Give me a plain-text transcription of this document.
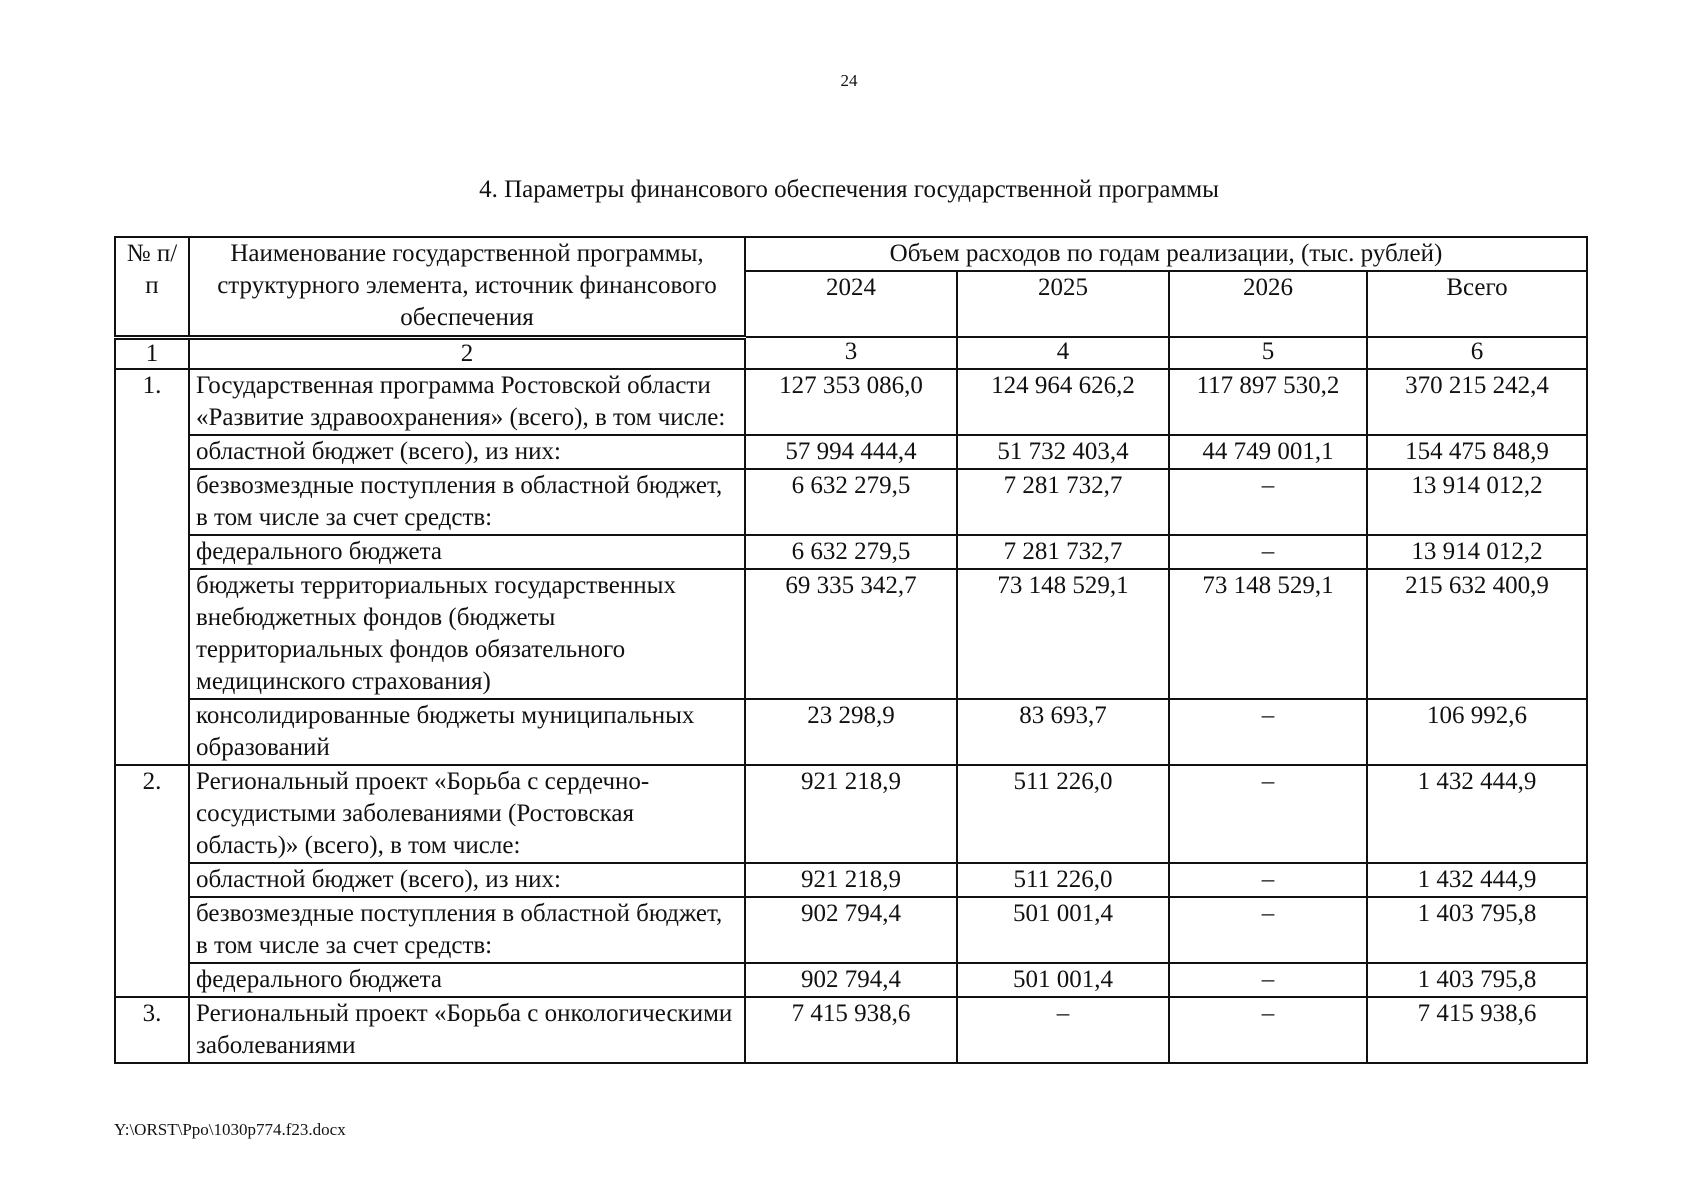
24
4. Параметры финансового обеспечения государственной программы
№ п/п	Наименование государственной программы, структурного элемента, источник финансового обеспечения	Объем расходов по годам реализации, (тыс. рублей)			
		2024	2025	2026	Всего
1	2	3	4	5	6
1.	Государственная программа Ростовской области «Развитие здравоохранения» (всего), в том числе:	127 353 086,0	124 964 626,2	117 897 530,2	370 215 242,4
	областной бюджет (всего), из них:	57 994 444,4	51 732 403,4	44 749 001,1	154 475 848,9
	безвозмездные поступления в областной бюджет, в том числе за счет средств:	6 632 279,5	7 281 732,7	–	13 914 012,2
	федерального бюджета	6 632 279,5	7 281 732,7	–	13 914 012,2
	бюджеты территориальных государственных внебюджетных фондов (бюджеты территориальных фондов обязательного медицинского страхования)	69 335 342,7	73 148 529,1	73 148 529,1	215 632 400,9
	консолидированные бюджеты муниципальных образований	23 298,9	83 693,7	–	106 992,6
2.	Региональный проект «Борьба с сердечно-сосудистыми заболеваниями (Ростовская область)» (всего), в том числе:	921 218,9	511 226,0	–	1 432 444,9
	областной бюджет (всего), из них:	921 218,9	511 226,0	–	1 432 444,9
	безвозмездные поступления в областной бюджет, в том числе за счет средств:	902 794,4	501 001,4	–	1 403 795,8
	федерального бюджета	902 794,4	501 001,4	–	1 403 795,8
3.	Региональный проект «Борьба с онкологическими заболеваниями	7 415 938,6	–	–	7 415 938,6
Y:\ORST\Ppo\1030p774.f23.docx
